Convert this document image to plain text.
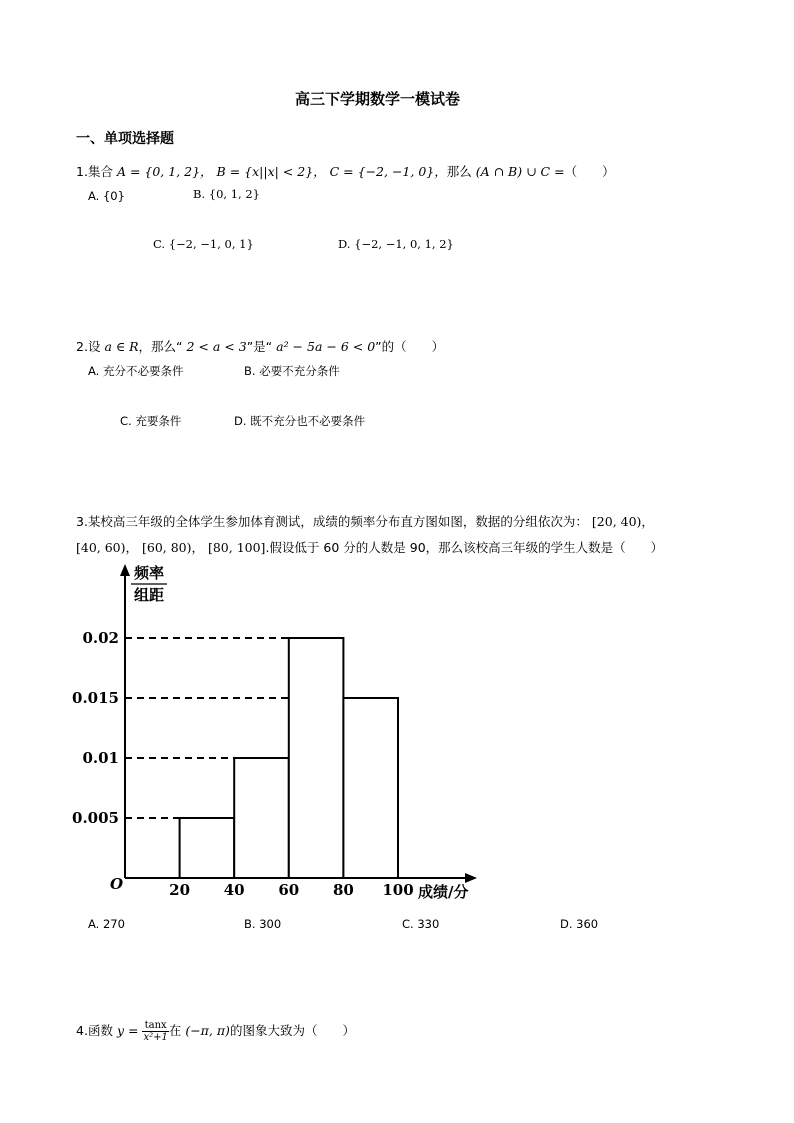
高三下学期数学一模试卷
一、单项选择题
1.集合 A = {0, 1, 2}， B = {x||x| < 2}， C = {−2, −1, 0}，那么 (A ∩ B) ∪ C =（　　）
A. {0}	B. {0, 1, 2}
C. {−2, −1, 0, 1}	D. {−2, −1, 0, 1, 2}
2.设 a ∈ R，那么“ 2 < a < 3”是“ a² − 5a − 6 < 0”的（　　）
A. 充分不必要条件	B. 必要不充分条件
C. 充要条件	D. 既不充分也不必要条件
3.某校高三年级的全体学生参加体育测试，成绩的频率分布直方图如图，数据的分组依次为： [20, 40)，
[40, 60)， [60, 80)， [80, 100].假设低于 60 分的人数是 90，那么该校高三年级的学生人数是（　　）
频率
组距
O	成绩/分
20 40 60 80 100
0.005
0.01
0.015
0.02
A. 270	B. 300	C. 330	D. 360
4.函数 $y = \frac{\tan x}{\text{x²+1}}$ 在 (−π, π)的图象大致为（　　）
